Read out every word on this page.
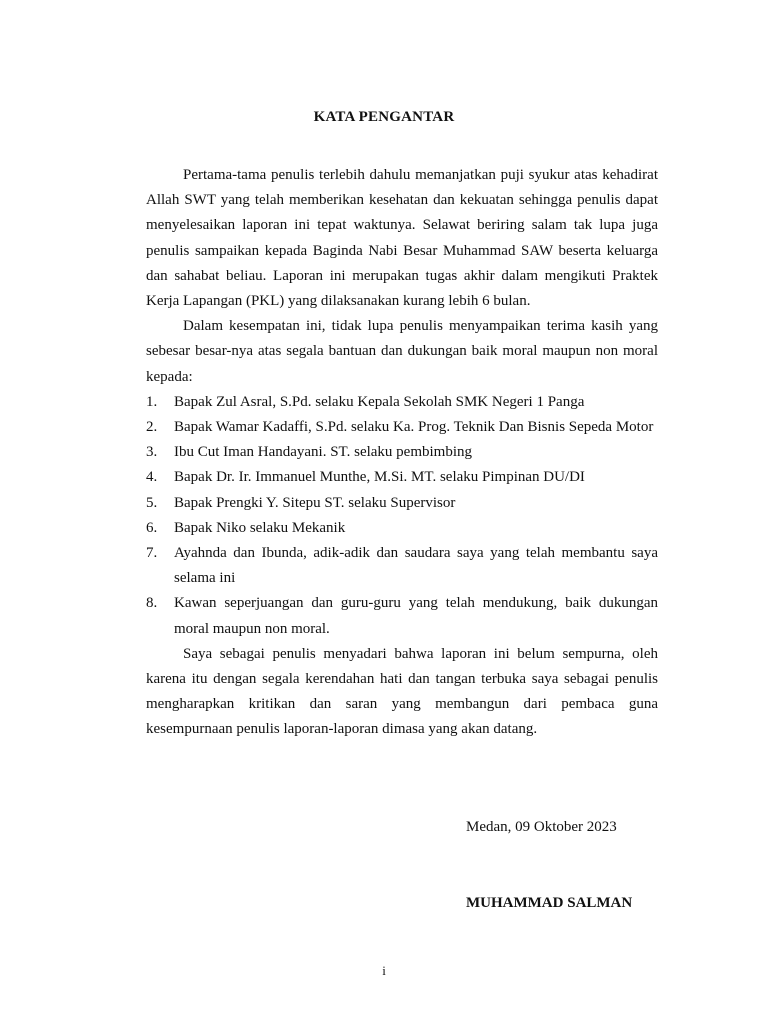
KATA PENGANTAR

Pertama-tama penulis terlebih dahulu memanjatkan puji syukur atas kehadirat Allah SWT yang telah memberikan kesehatan dan kekuatan sehingga penulis dapat menyelesaikan laporan ini tepat waktunya. Selawat beriring salam tak lupa juga penulis sampaikan kepada Baginda Nabi Besar Muhammad SAW beserta keluarga dan sahabat beliau. Laporan ini merupakan tugas akhir dalam mengikuti Praktek Kerja Lapangan (PKL) yang dilaksanakan kurang lebih 6 bulan.

Dalam kesempatan ini, tidak lupa penulis menyampaikan terima kasih yang sebesar besar-nya atas segala bantuan dan dukungan baik moral maupun non moral kepada:

1. Bapak Zul Asral, S.Pd. selaku Kepala Sekolah SMK Negeri 1 Panga
2. Bapak Wamar Kadaffi, S.Pd. selaku Ka. Prog. Teknik Dan Bisnis Sepeda Motor
3. Ibu Cut Iman Handayani. ST. selaku pembimbing
4. Bapak Dr. Ir. Immanuel Munthe, M.Si. MT. selaku Pimpinan DU/DI
5. Bapak Prengki Y. Sitepu ST. selaku Supervisor
6. Bapak Niko selaku Mekanik
7. Ayahnda dan Ibunda, adik-adik dan saudara saya yang telah membantu saya selama ini
8. Kawan seperjuangan dan guru-guru yang telah mendukung, baik dukungan moral maupun non moral.

Saya sebagai penulis menyadari bahwa laporan ini belum sempurna, oleh karena itu dengan segala kerendahan hati dan tangan terbuka saya sebagai penulis mengharapkan kritikan dan saran yang membangun dari pembaca guna kesempurnaan penulis laporan-laporan dimasa yang akan datang.

Medan, 09 Oktober 2023
MUHAMMAD SALMAN
i
